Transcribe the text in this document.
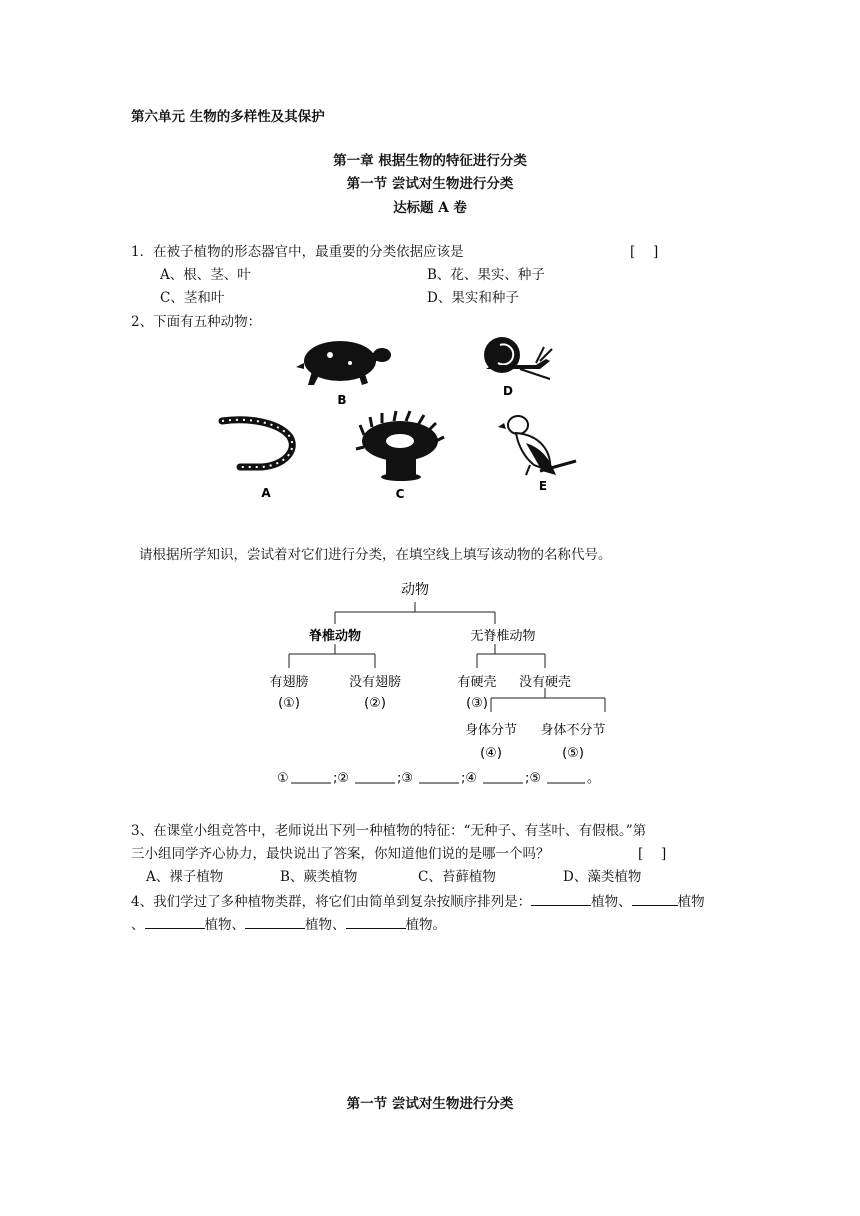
第六单元 生物的多样性及其保护
第一章 根据生物的特征进行分类
第一节 尝试对生物进行分类
达标题 A 卷
1．在被子植物的形态器官中，最重要的分类依据应该是	[　 ]
A、根、茎、叶	B、花、果实、种子
C、茎和叶	D、果实和种子
2、下面有五种动物：
B
D
A	C
E
请根据所学知识，尝试着对它们进行分类，在填空线上填写该动物的名称代号。
动物
脊椎动物	无脊椎动物
有翅膀	没有翅膀	有硬壳 没有硬壳
(①)	(②)	(③)
身体分节 身体不分节
(④)	(⑤)
①	;②	;③	;④	;⑤	。
3、在课堂小组竞答中，老师说出下列一种植物的特征：“无种子、有茎叶、有假根。”第
三小组同学齐心协力，最快说出了答案，你知道他们说的是哪一个吗？	[　 ]
A、裸子植物	B、蕨类植物	C、苔藓植物	D、藻类植物
4、我们学过了多种植物类群，将它们由简单到复杂按顺序排列是：	植物、	植物
、	植物、	植物、	植物。
第一节 尝试对生物进行分类
